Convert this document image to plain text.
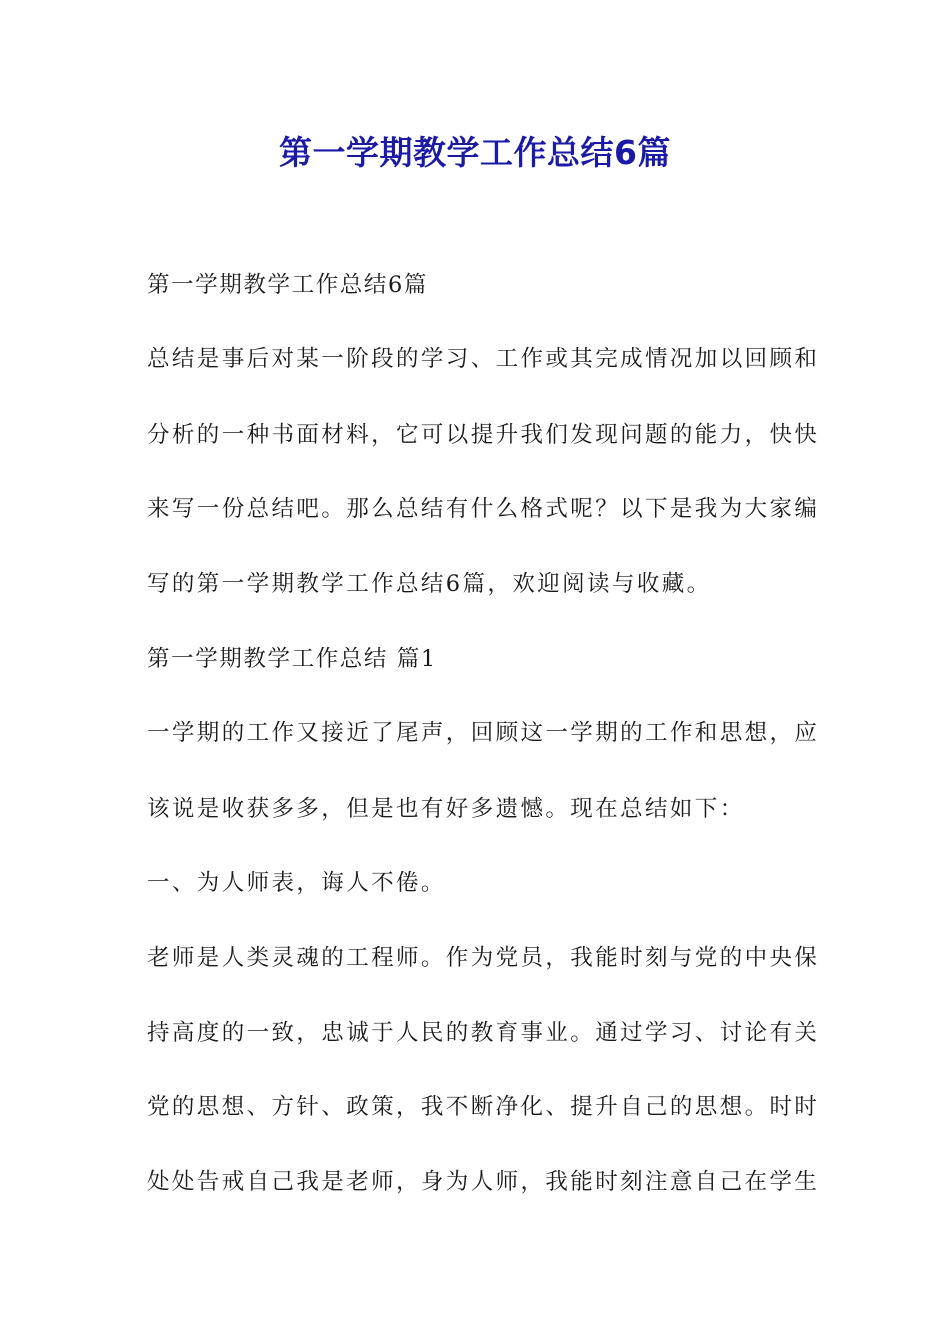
第一学期教学工作总结6篇

第一学期教学工作总结6篇

总结是事后对某一阶段的学习、工作或其完成情况加以回顾和

分析的一种书面材料，它可以提升我们发现问题的能力，快快

来写一份总结吧。那么总结有什么格式呢？以下是我为大家编

写的第一学期教学工作总结6篇，欢迎阅读与收藏。

第一学期教学工作总结 篇1

一学期的工作又接近了尾声，回顾这一学期的工作和思想，应

该说是收获多多，但是也有好多遗憾。现在总结如下：

一、为人师表，诲人不倦。

老师是人类灵魂的工程师。作为党员，我能时刻与党的中央保

持高度的一致，忠诚于人民的教育事业。通过学习、讨论有关

党的思想、方针、政策，我不断净化、提升自己的思想。时时

处处告戒自己我是老师，身为人师，我能时刻注意自己在学生
